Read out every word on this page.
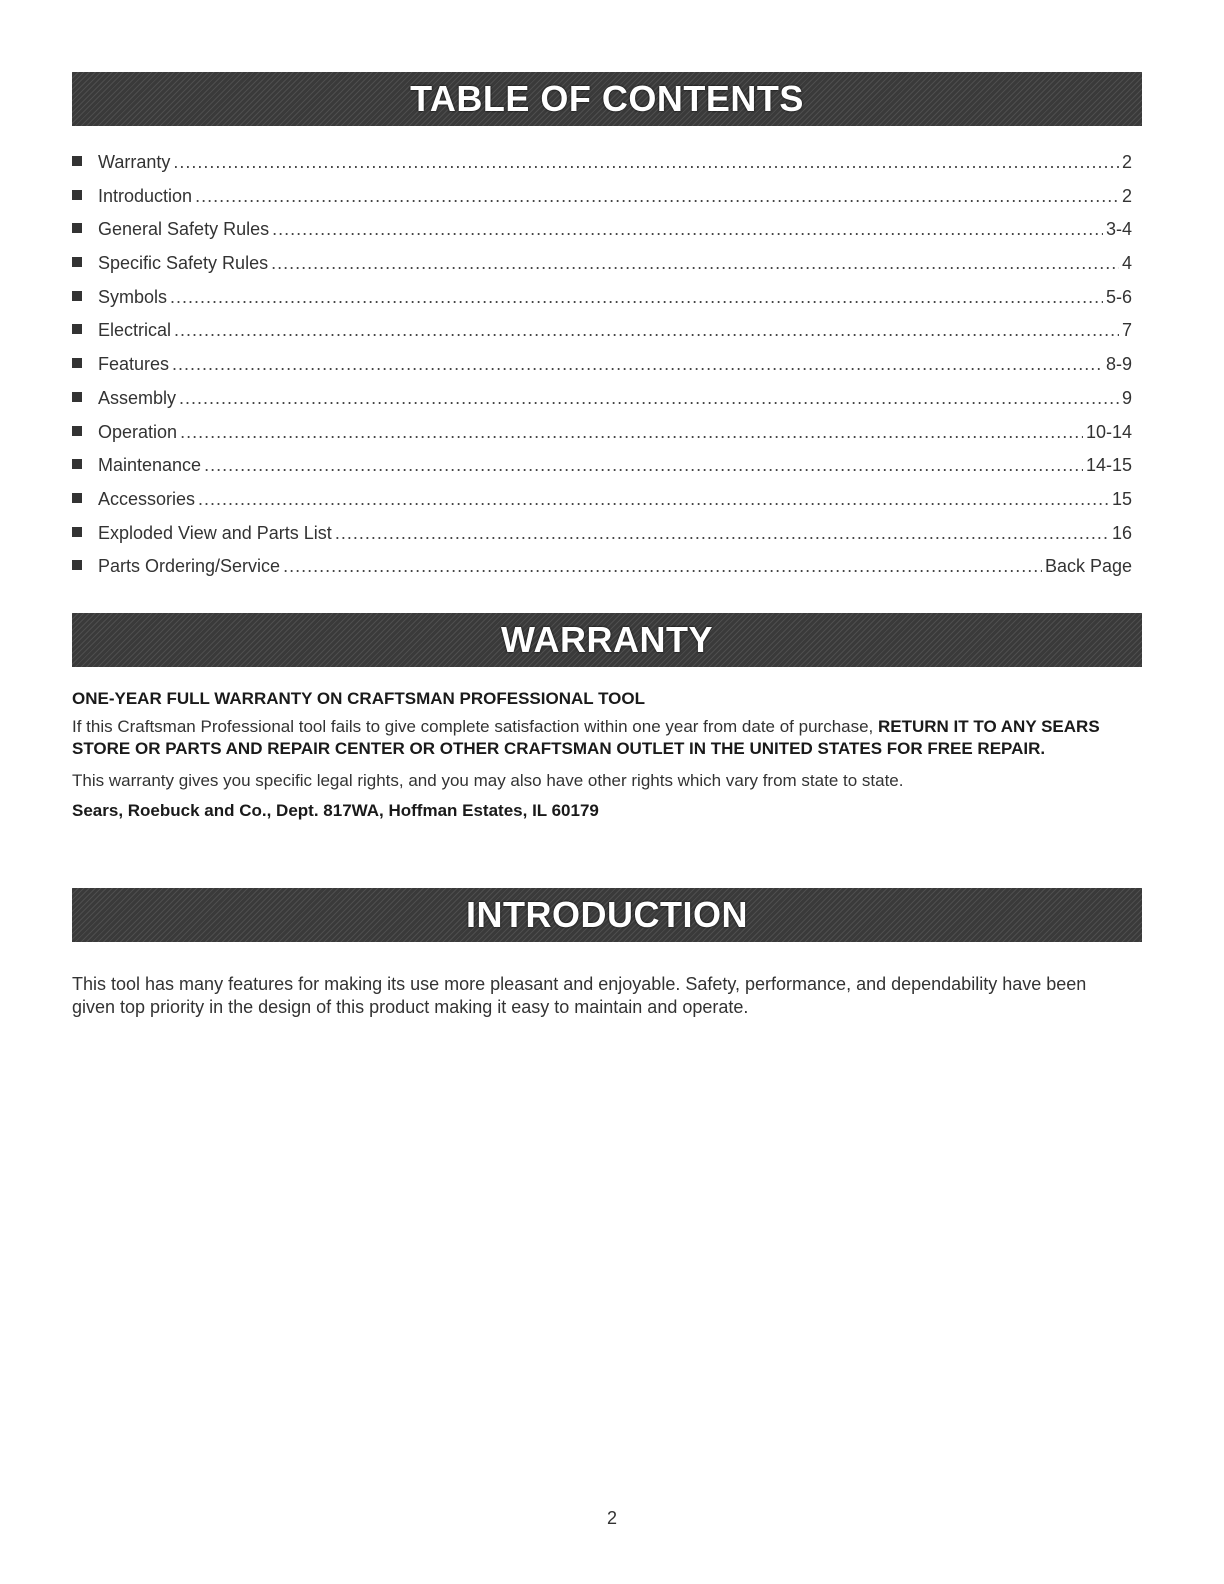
TABLE OF CONTENTS
Warranty .....	2
Introduction .....	2
General Safety Rules .....	3-4
Specific Safety Rules .....	4
Symbols .....	5-6
Electrical .....	7
Features .....	8-9
Assembly .....	9
Operation .....	10-14
Maintenance .....	14-15
Accessories .....	15
Exploded View and Parts List .....	16
Parts Ordering/Service .....	Back Page
WARRANTY
ONE-YEAR FULL WARRANTY ON CRAFTSMAN PROFESSIONAL TOOL
If this Craftsman Professional tool fails to give complete satisfaction within one year from date of purchase, RETURN IT TO ANY SEARS STORE OR PARTS AND REPAIR CENTER OR OTHER CRAFTSMAN OUTLET IN THE UNITED STATES FOR FREE REPAIR.
This warranty gives you specific legal rights, and you may also have other rights which vary from state to state.
Sears, Roebuck and Co., Dept. 817WA, Hoffman Estates, IL 60179
INTRODUCTION
This tool has many features for making its use more pleasant and enjoyable. Safety, performance, and dependability have been given top priority in the design of this product making it easy to maintain and operate.
2
